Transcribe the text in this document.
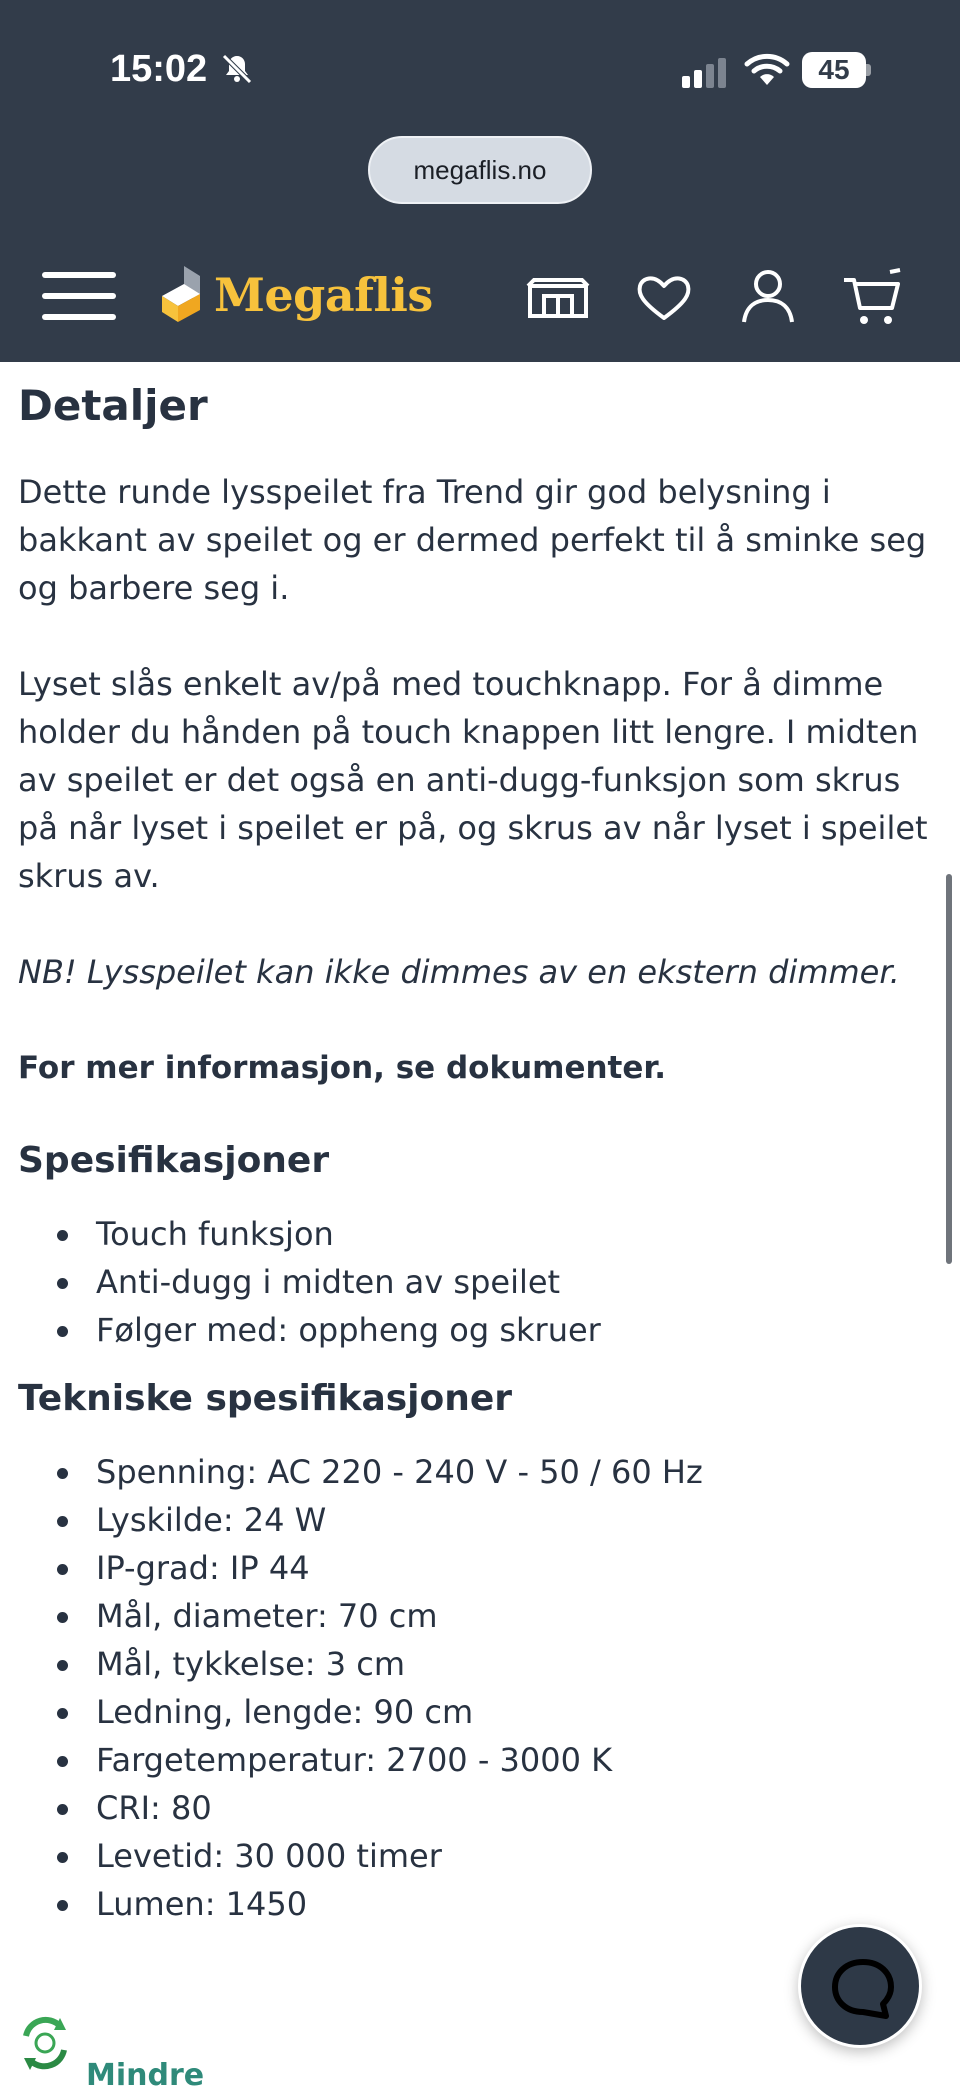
15:02	45
megaflis.no
Megaflis
Detaljer

Dette runde lysspeilet fra Trend gir god belysning i bakkant av speilet og er dermed perfekt til å sminke seg og barbere seg i.

Lyset slås enkelt av/på med touchknapp. For å dimme holder du hånden på touch knappen litt lengre. I midten av speilet er det også en anti-dugg-funksjon som skrus på når lyset i speilet er på, og skrus av når lyset i speilet skrus av.

NB! Lysspeilet kan ikke dimmes av en ekstern dimmer.

For mer informasjon, se dokumenter.

Spesifikasjoner
Touch funksjon
Anti-dugg i midten av speilet
Følger med: oppheng og skruer
Tekniske spesifikasjoner
Spenning: AC 220 - 240 V - 50 / 60 Hz
Lyskilde: 24 W
IP-grad: IP 44
Mål, diameter: 70 cm
Mål, tykkelse: 3 cm
Ledning, lengde: 90 cm
Fargetemperatur: 2700 - 3000 K
CRI: 80
Levetid: 30 000 timer
Lumen: 1450
Mindre
